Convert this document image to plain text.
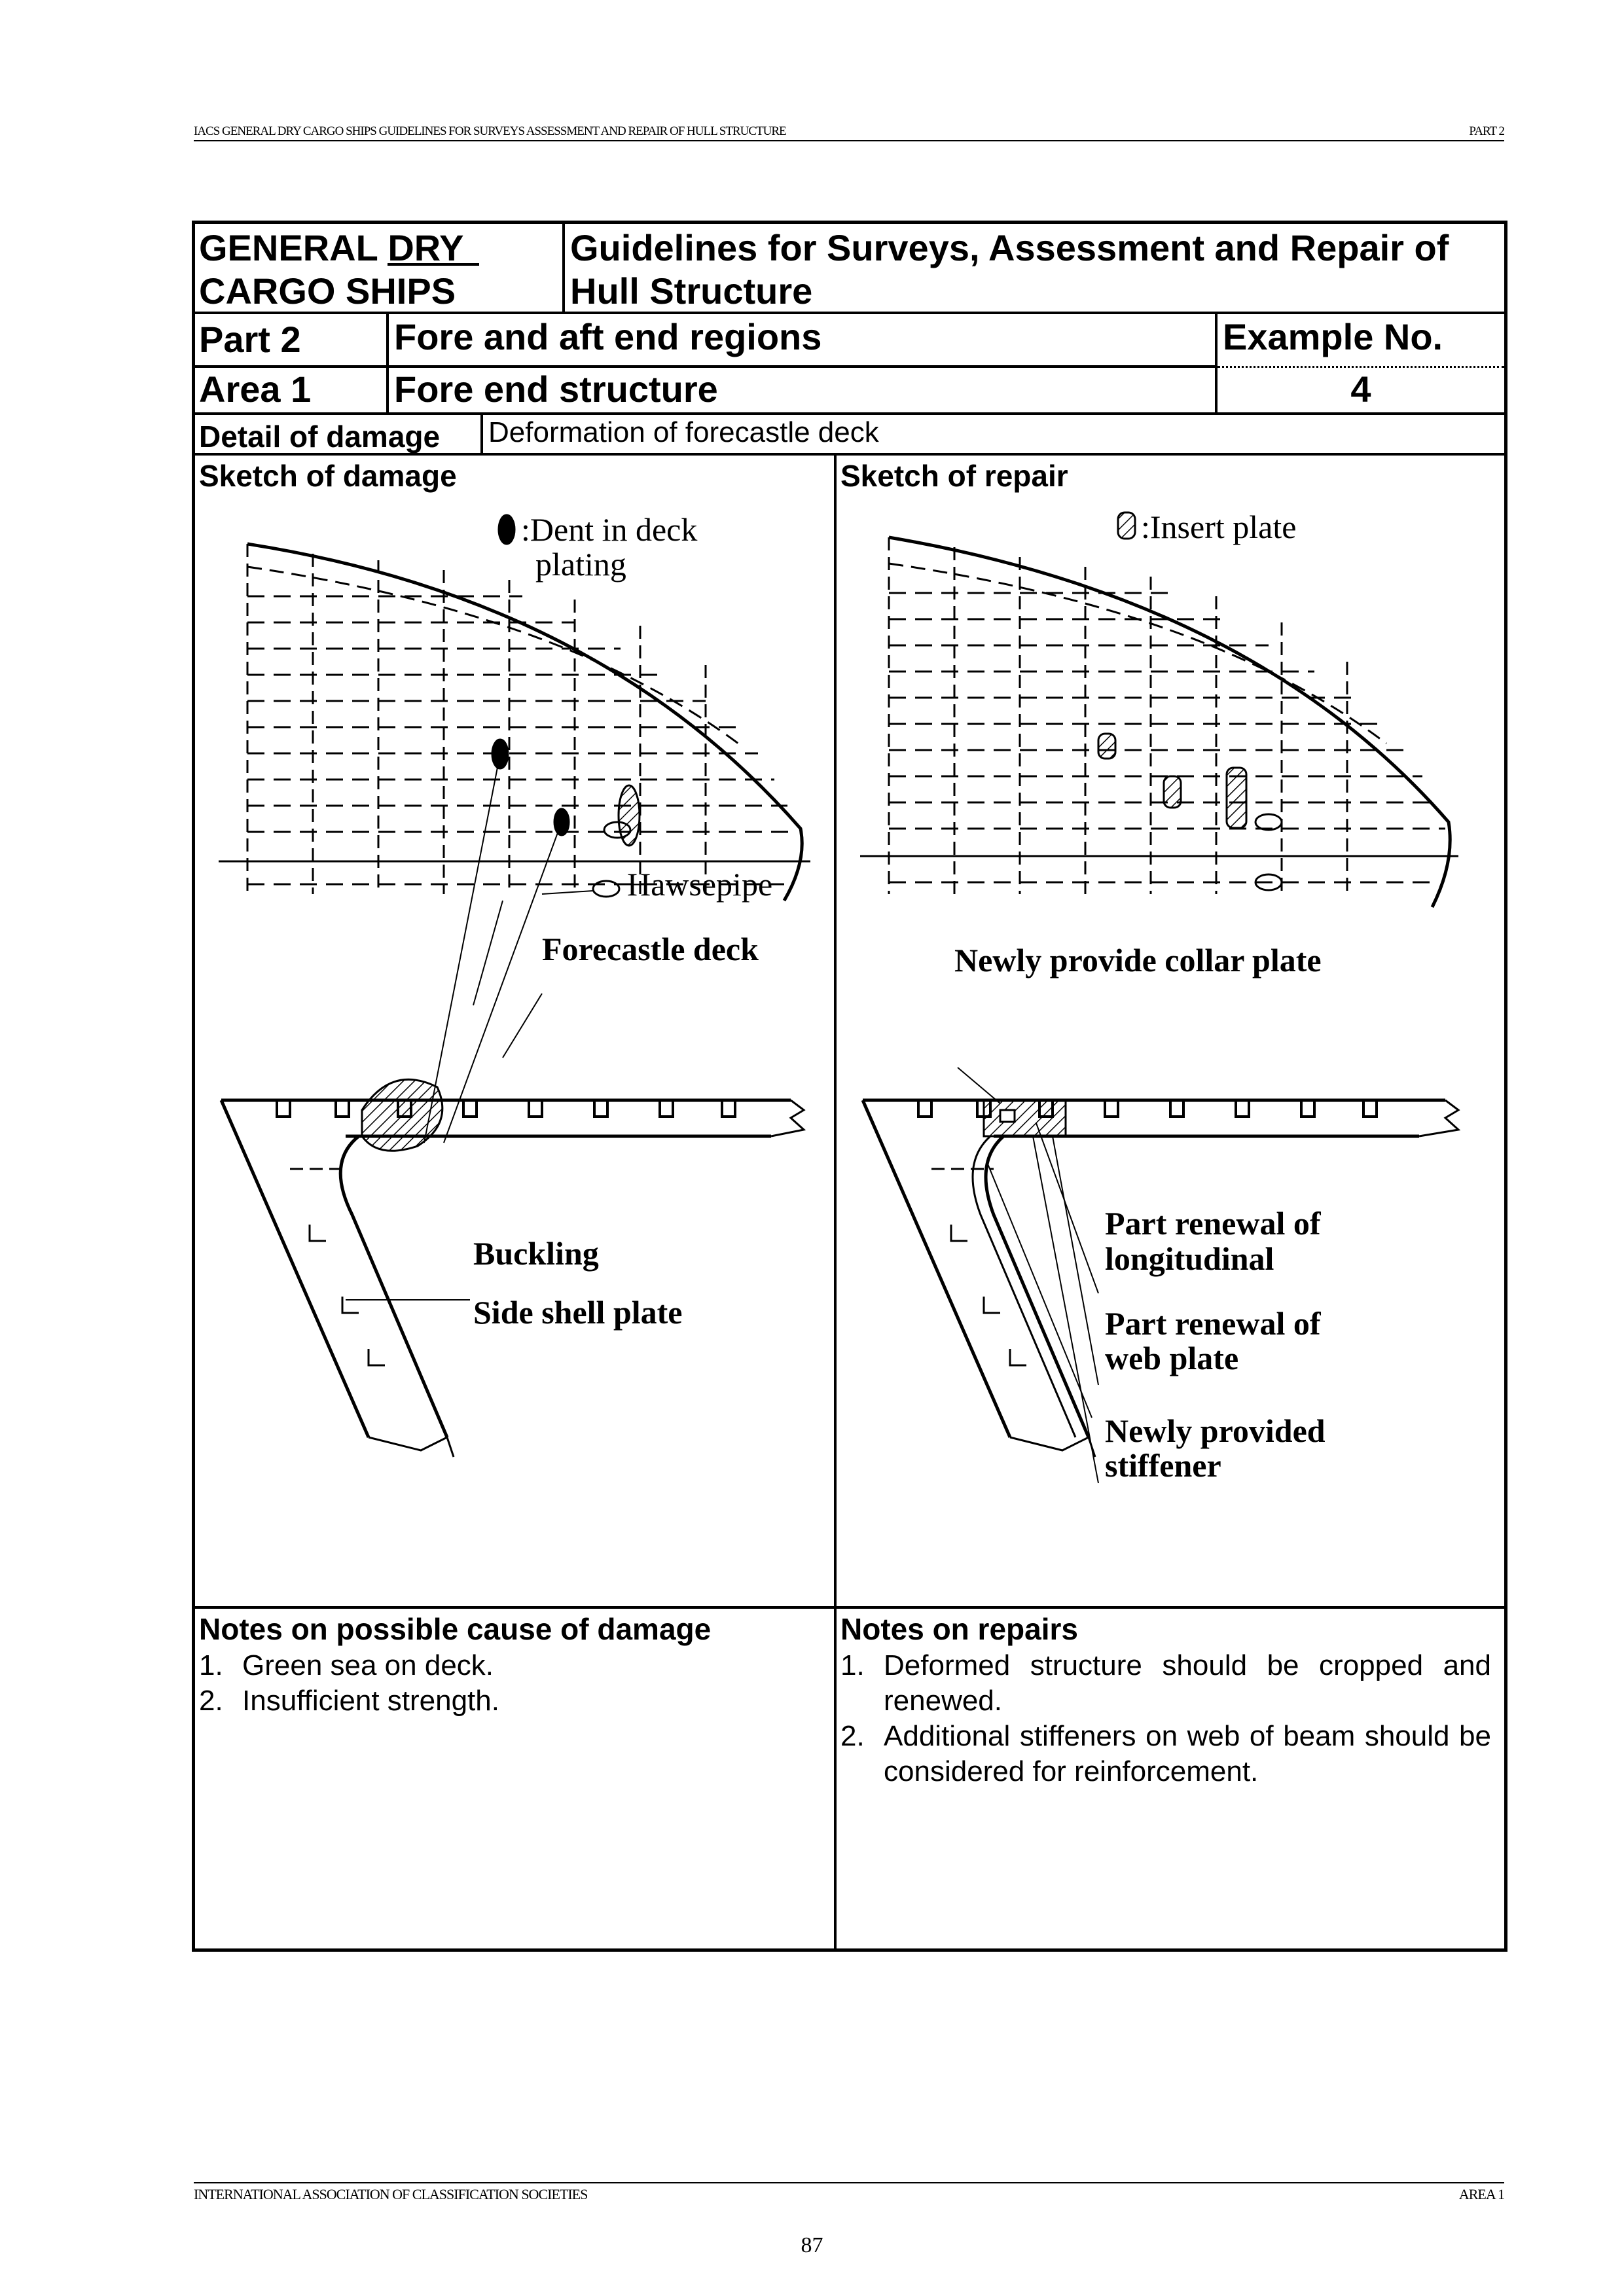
IACS GENERAL DRY CARGO SHIPS GUIDELINES FOR SURVEYS ASSESSMENT AND REPAIR OF HULL STRUCTURE	PART 2
GENERAL DRY
CARGO SHIPS
Guidelines for Surveys, Assessment and Repair of
Hull Structure
Part 2	Fore and aft end regions	Example No.
Area 1	Fore end structure	4
Detail of damage	Deformation of forecastle deck
Sketch of damage
:Dent in deck
plating
Hawsepipe
Forecastle deck
Buckling
Side shell plate
Sketch of repair
:Insert plate
Newly provide collar plate
Part renewal of
longitudinal
Part renewal of
web plate
Newly provided
stiffener
Notes on possible cause of damage
1. Green sea on deck.
2. Insufficient strength.
Notes on repairs
1. Deformed structure should be cropped and renewed.
2. Additional stiffeners on web of beam should be considered for reinforcement.
INTERNATIONAL ASSOCIATION OF CLASSIFICATION SOCIETIES	AREA 1
87
